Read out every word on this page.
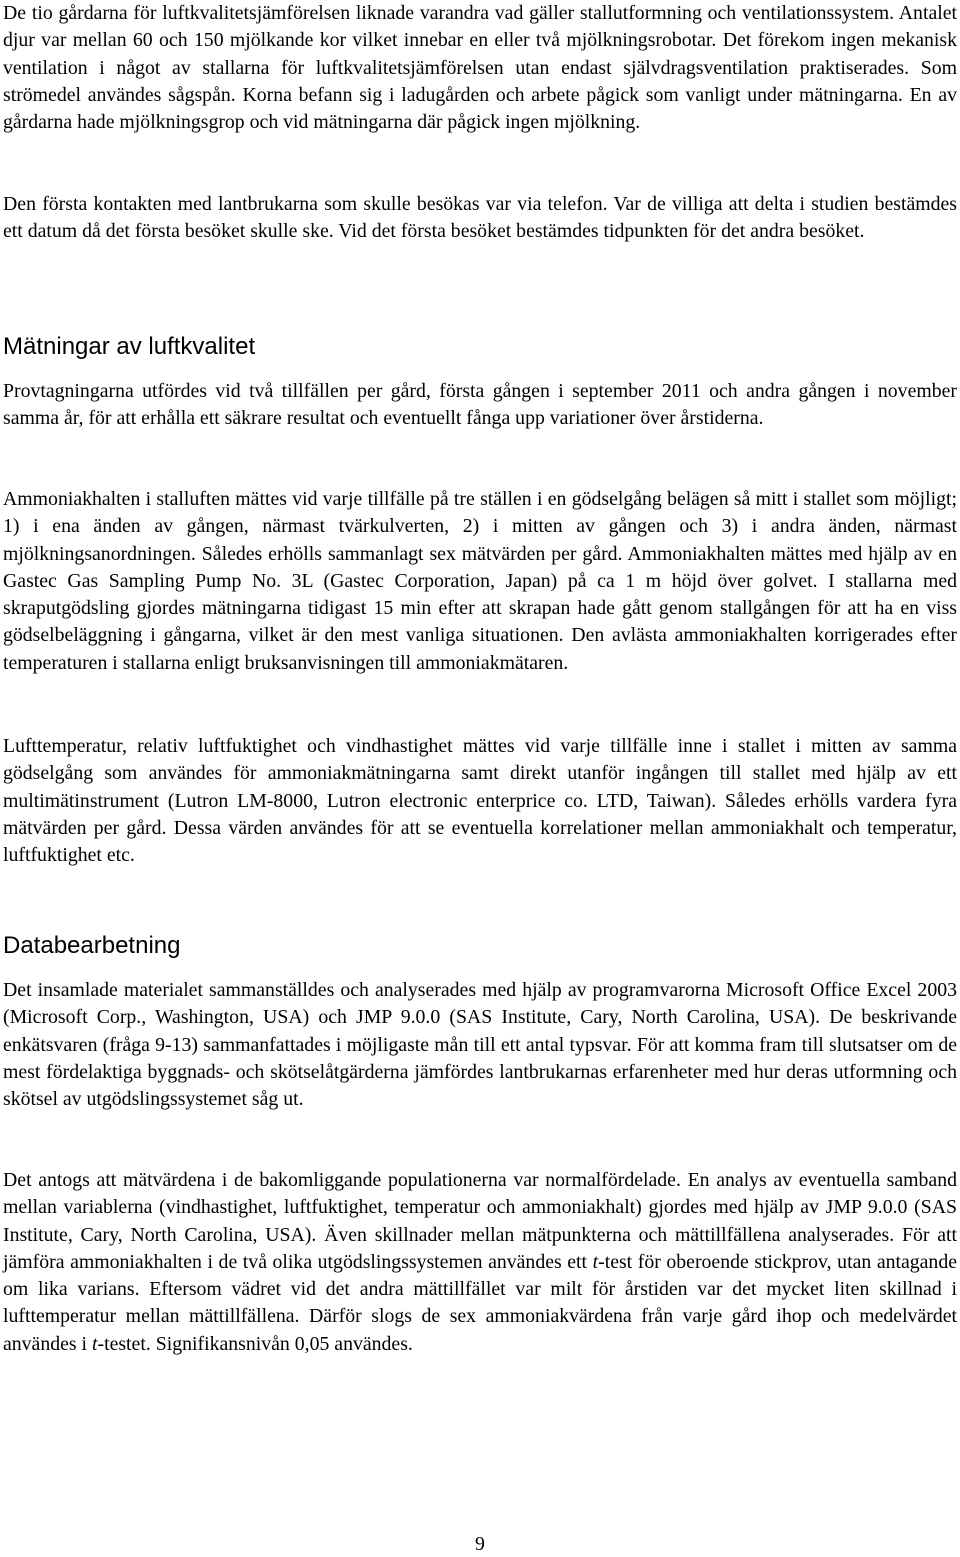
De tio gårdarna för luftkvalitetsjämförelsen liknade varandra vad gäller stallutformning och ventilationssystem. Antalet djur var mellan 60 och 150 mjölkande kor vilket innebar en eller två mjölkningsrobotar. Det förekom ingen mekanisk ventilation i något av stallarna för luftkvalitetsjämförelsen utan endast självdragsventilation praktiserades. Som strömedel användes sågspån. Korna befann sig i ladugården och arbete pågick som vanligt under mätningarna. En av gårdarna hade mjölkningsgrop och vid mätningarna där pågick ingen mjölkning.

Den första kontakten med lantbrukarna som skulle besökas var via telefon. Var de villiga att delta i studien bestämdes ett datum då det första besöket skulle ske. Vid det första besöket bestämdes tidpunkten för det andra besöket.

Mätningar av luftkvalitet

Provtagningarna utfördes vid två tillfällen per gård, första gången i september 2011 och andra gången i november samma år, för att erhålla ett säkrare resultat och eventuellt fånga upp variationer över årstiderna.

Ammoniakhalten i stalluften mättes vid varje tillfälle på tre ställen i en gödselgång belägen så mitt i stallet som möjligt; 1) i ena änden av gången, närmast tvärkulverten, 2) i mitten av gången och 3) i andra änden, närmast mjölkningsanordningen. Således erhölls sammanlagt sex mätvärden per gård. Ammoniakhalten mättes med hjälp av en Gastec Gas Sampling Pump No. 3L (Gastec Corporation, Japan) på ca 1 m höjd över golvet. I stallarna med skraputgödsling gjordes mätningarna tidigast 15 min efter att skrapan hade gått genom stallgången för att ha en viss gödselbeläggning i gångarna, vilket är den mest vanliga situationen. Den avlästa ammoniakhalten korrigerades efter temperaturen i stallarna enligt bruksanvisningen till ammoniakmätaren.

Lufttemperatur, relativ luftfuktighet och vindhastighet mättes vid varje tillfälle inne i stallet i mitten av samma gödselgång som användes för ammoniakmätningarna samt direkt utanför ingången till stallet med hjälp av ett multimätinstrument (Lutron LM-8000, Lutron electronic enterprice co. LTD, Taiwan). Således erhölls vardera fyra mätvärden per gård. Dessa värden användes för att se eventuella korrelationer mellan ammoniakhalt och temperatur, luftfuktighet etc.

Databearbetning

Det insamlade materialet sammanställdes och analyserades med hjälp av programvarorna Microsoft Office Excel 2003 (Microsoft Corp., Washington, USA) och JMP 9.0.0 (SAS Institute, Cary, North Carolina, USA). De beskrivande enkätsvaren (fråga 9-13) sammanfattades i möjligaste mån till ett antal typsvar. För att komma fram till slutsatser om de mest fördelaktiga byggnads- och skötselåtgärderna jämfördes lantbrukarnas erfarenheter med hur deras utformning och skötsel av utgödslingssystemet såg ut.

Det antogs att mätvärdena i de bakomliggande populationerna var normalfördelade. En analys av eventuella samband mellan variablerna (vindhastighet, luftfuktighet, temperatur och ammoniakhalt) gjordes med hjälp av JMP 9.0.0 (SAS Institute, Cary, North Carolina, USA). Även skillnader mellan mätpunkterna och mättillfällena analyserades. För att jämföra ammoniakhalten i de två olika utgödslingssystemen användes ett t-test för oberoende stickprov, utan antagande om lika varians. Eftersom vädret vid det andra mättillfället var milt för årstiden var det mycket liten skillnad i lufttemperatur mellan mättillfällena. Därför slogs de sex ammoniakvärdena från varje gård ihop och medelvärdet användes i t-testet. Signifikansnivån 0,05 användes.

9
